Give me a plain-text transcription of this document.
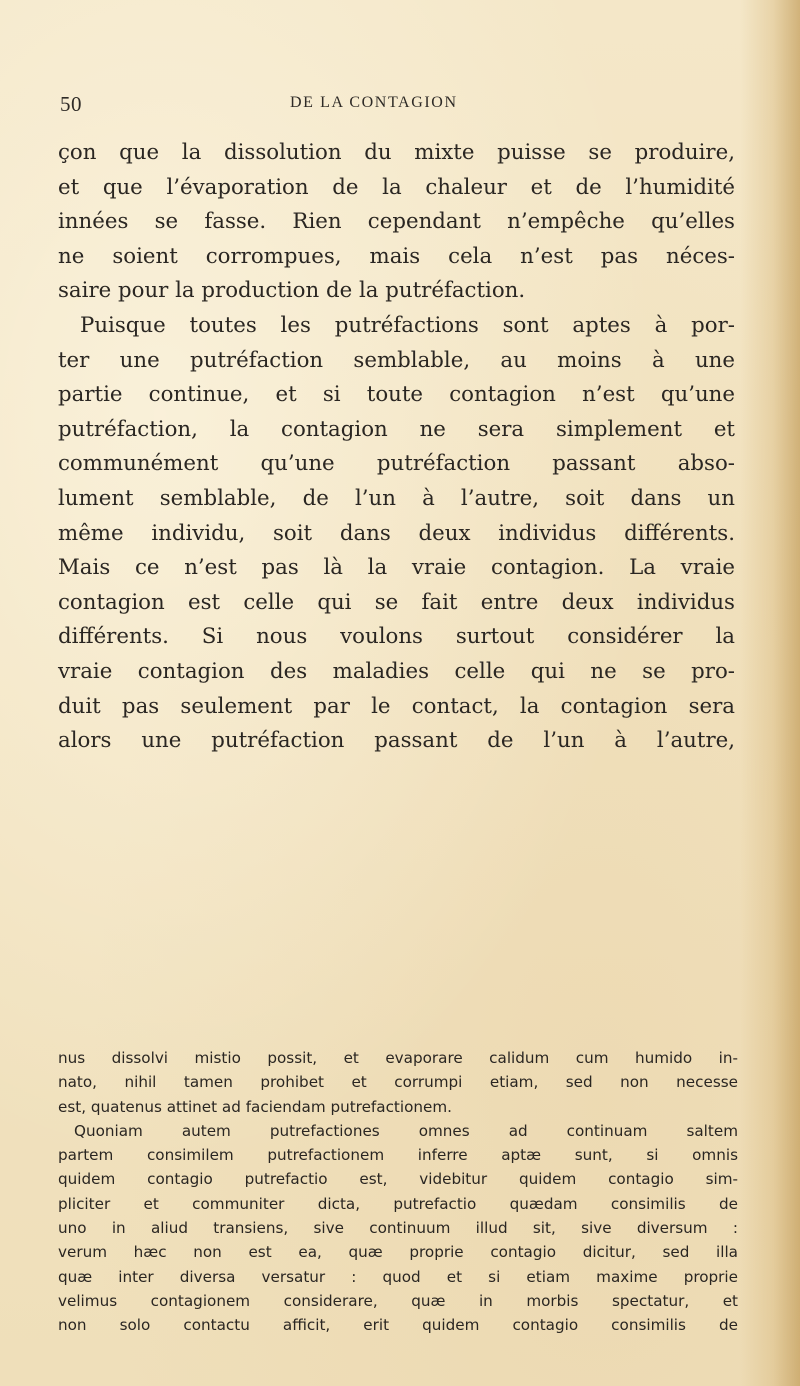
50	DE LA CONTAGION
çon que la dissolution du mixte puisse se produire,
et que l’évaporation de la chaleur et de l’humidité
innées se fasse. Rien cependant n’empêche qu’elles
ne soient corrompues, mais cela n’est pas néces-
saire pour la production de la putréfaction.
Puisque toutes les putréfactions sont aptes à por-
ter une putréfaction semblable, au moins à une
partie continue, et si toute contagion n’est qu’une
putréfaction, la contagion ne sera simplement et
communément qu’une putréfaction passant abso-
lument semblable, de l’un à l’autre, soit dans un
même individu, soit dans deux individus différents.
Mais ce n’est pas là la vraie contagion. La vraie
contagion est celle qui se fait entre deux individus
différents. Si nous voulons surtout considérer la
vraie contagion des maladies celle qui ne se pro-
duit pas seulement par le contact, la contagion sera
alors une putréfaction passant de l’un à l’autre,
nus dissolvi mistio possit, et evaporare calidum cum humido in-
nato, nihil tamen prohibet et corrumpi etiam, sed non necesse
est, quatenus attinet ad faciendam putrefactionem.
Quoniam autem putrefactiones omnes ad continuam saltem
partem consimilem putrefactionem inferre aptæ sunt, si omnis
quidem contagio putrefactio est, videbitur quidem contagio sim-
pliciter et communiter dicta, putrefactio quædam consimilis de
uno in aliud transiens, sive continuum illud sit, sive diversum :
verum hæc non est ea, quæ proprie contagio dicitur, sed illa
quæ inter diversa versatur : quod et si etiam maxime proprie
velimus contagionem considerare, quæ in morbis spectatur, et
non solo contactu afficit, erit quidem contagio consimilis de
